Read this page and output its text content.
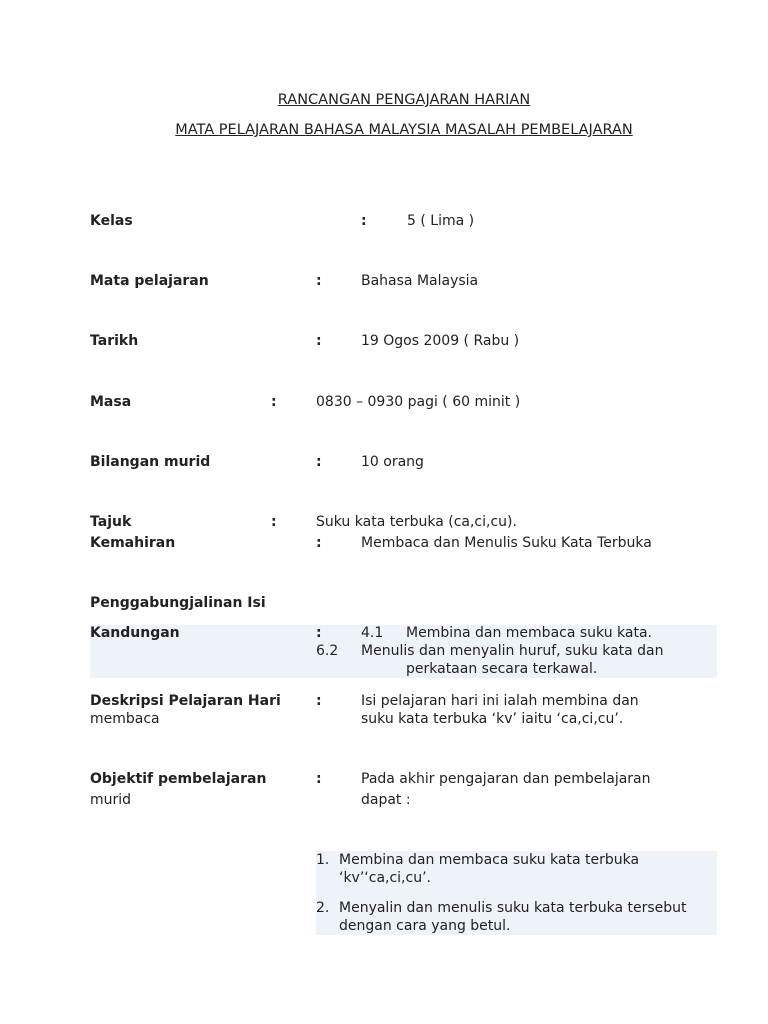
RANCANGAN PENGAJARAN HARIAN
MATA PELAJARAN BAHASA MALAYSIA MASALAH PEMBELAJARAN
Kelas	:	5 ( Lima )
Mata pelajaran	:	Bahasa Malaysia
Tarikh	:	19 Ogos 2009 ( Rabu )
Masa	:	0830 – 0930 pagi ( 60 minit )
Bilangan murid	:	10 orang
Tajuk	:	Suku kata terbuka (ca,ci,cu).
Kemahiran	:	Membaca dan Menulis Suku Kata Terbuka
Penggabungjalinan Isi
Kandungan	:	4.1 Membina dan membaca suku kata.
6.2 Menulis dan menyalin huruf, suku kata dan
perkataan secara terkawal.
Deskripsi Pelajaran Hari	:	Isi pelajaran hari ini ialah membina dan
membaca	suku kata terbuka ‘kv’ iaitu ‘ca,ci,cu’.
Objektif pembelajaran	:	Pada akhir pengajaran dan pembelajaran
murid	dapat :
1. Membina dan membaca suku kata terbuka
‘kv’‘ca,ci,cu’.
2. Menyalin dan menulis suku kata terbuka tersebut
dengan cara yang betul.
